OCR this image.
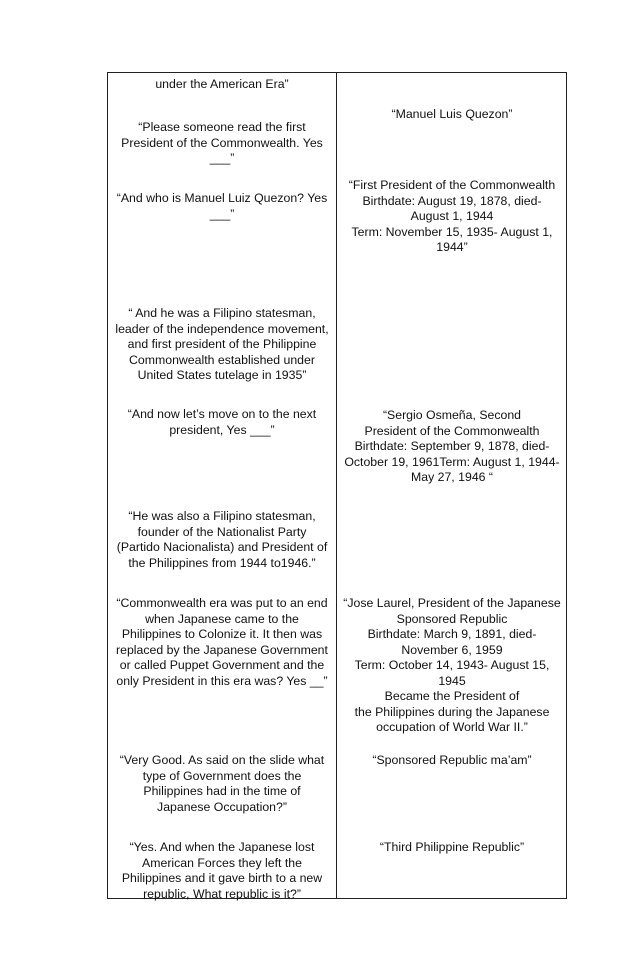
under the American Era”
“Please someone read the first
President of the Commonwealth. Yes
___”
“And who is Manuel Luiz Quezon? Yes
___”
“ And he was a Filipino statesman,
leader of the independence movement,
and first president of the Philippine
Commonwealth established under
United States tutelage in 1935”
“And now let’s move on to the next
president, Yes ___”
“He was also a Filipino statesman,
founder of the Nationalist Party
(Partido Nacionalista) and President of
the Philippines from 1944 to1946.”
“Commonwealth era was put to an end
when Japanese came to the
Philippines to Colonize it. It then was
replaced by the Japanese Government
or called Puppet Government and the
only President in this era was? Yes __”
“Very Good. As said on the slide what
type of Government does the
Philippines had in the time of
Japanese Occupation?”
“Yes. And when the Japanese lost
American Forces they left the
Philippines and it gave birth to a new
republic, What republic is it?”
“Manuel Luis Quezon”
“First President of the Commonwealth
Birthdate: August 19, 1878, died-
August 1, 1944
Term: November 15, 1935- August 1,
1944”
“Sergio Osmeña, Second
President of the Commonwealth
Birthdate: September 9, 1878, died-
October 19, 1961Term: August 1, 1944-
May 27, 1946 “
“Jose Laurel, President of the Japanese
Sponsored Republic
Birthdate: March 9, 1891, died-
November 6, 1959
Term: October 14, 1943- August 15,
1945
Became the President of
the Philippines during the Japanese
occupation of World War II.”
“Sponsored Republic ma’am”
“Third Philippine Republic”
